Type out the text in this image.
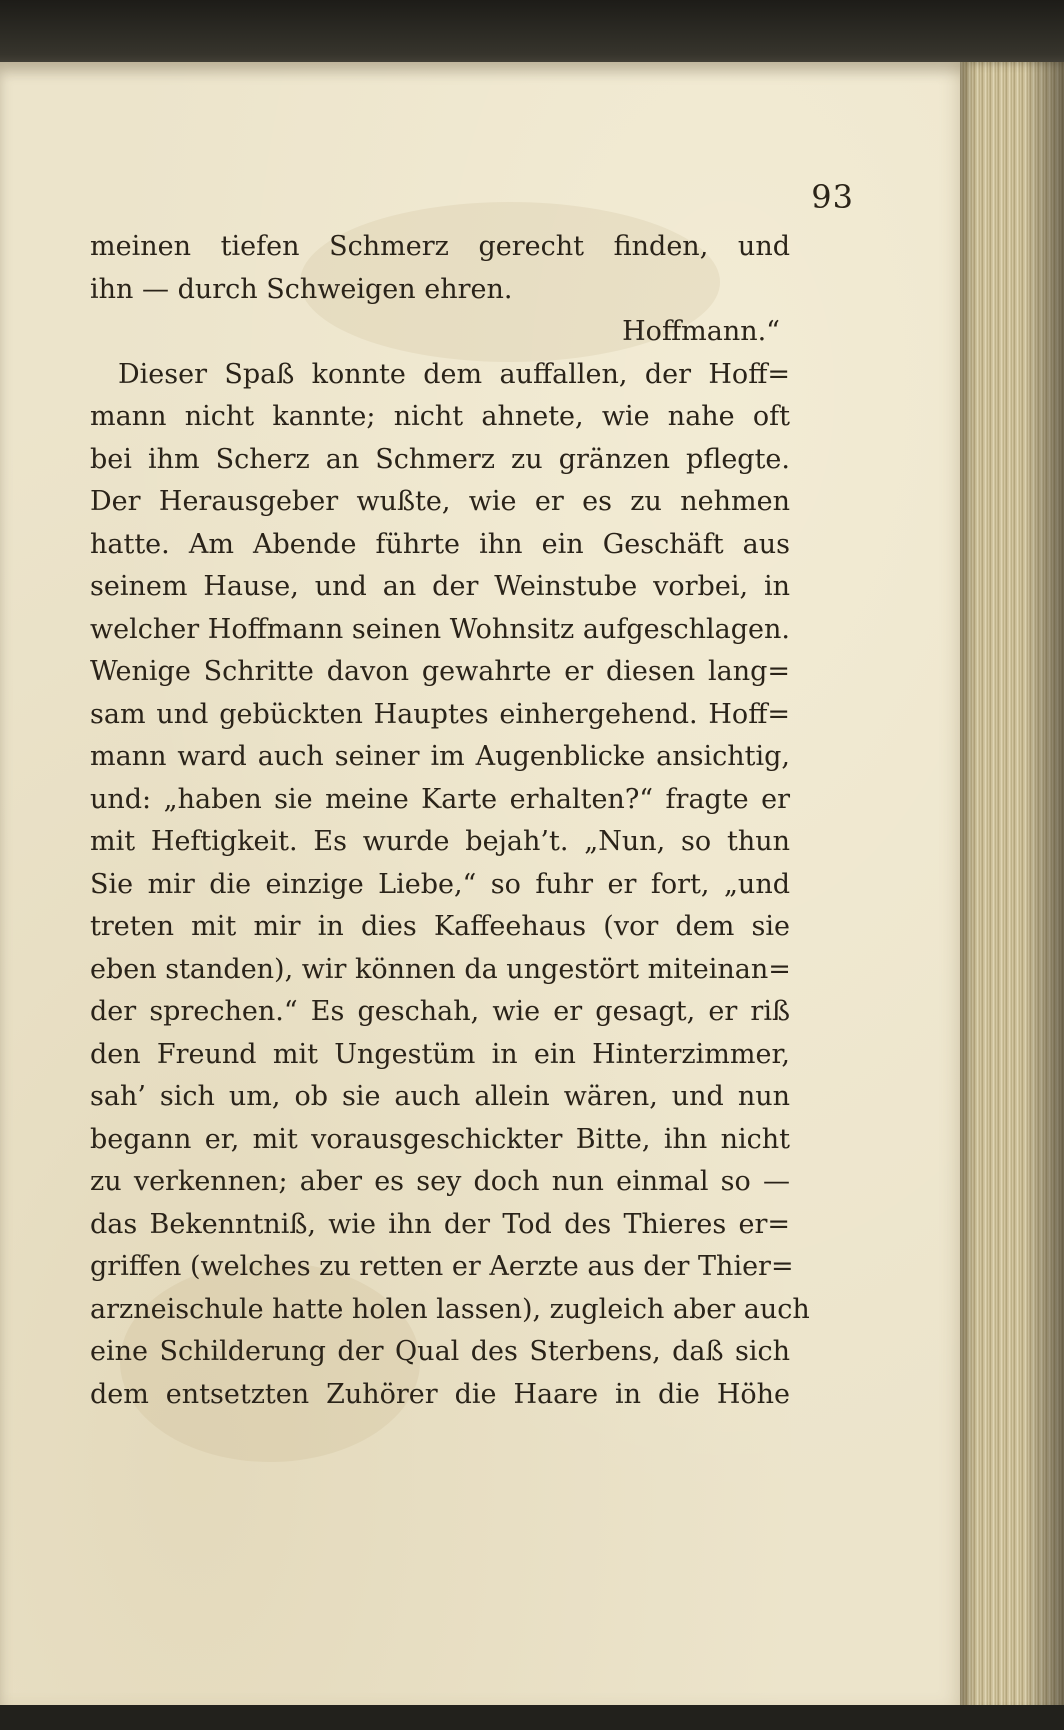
93
meinen tiefen Schmerz gerecht finden, und
ihn — durch Schweigen ehren.
Hoffmann.“
Dieser Spaß konnte dem auffallen, der Hoff=
mann nicht kannte; nicht ahnete, wie nahe oft
bei ihm Scherz an Schmerz zu gränzen pflegte.
Der Herausgeber wußte, wie er es zu nehmen
hatte. Am Abende führte ihn ein Geschäft aus
seinem Hause, und an der Weinstube vorbei, in
welcher Hoffmann seinen Wohnsitz aufgeschlagen.
Wenige Schritte davon gewahrte er diesen lang=
sam und gebückten Hauptes einhergehend. Hoff=
mann ward auch seiner im Augenblicke ansichtig,
und: „haben sie meine Karte erhalten?“ fragte er
mit Heftigkeit. Es wurde bejah’t. „Nun, so thun
Sie mir die einzige Liebe,“ so fuhr er fort, „und
treten mit mir in dies Kaffeehaus (vor dem sie
eben standen), wir können da ungestört miteinan=
der sprechen.“ Es geschah, wie er gesagt, er riß
den Freund mit Ungestüm in ein Hinterzimmer,
sah’ sich um, ob sie auch allein wären, und nun
begann er, mit vorausgeschickter Bitte, ihn nicht
zu verkennen; aber es sey doch nun einmal so —
das Bekenntniß, wie ihn der Tod des Thieres er=
griffen (welches zu retten er Aerzte aus der Thier=
arzneischule hatte holen lassen), zugleich aber auch
eine Schilderung der Qual des Sterbens, daß sich
dem entsetzten Zuhörer die Haare in die Höhe
